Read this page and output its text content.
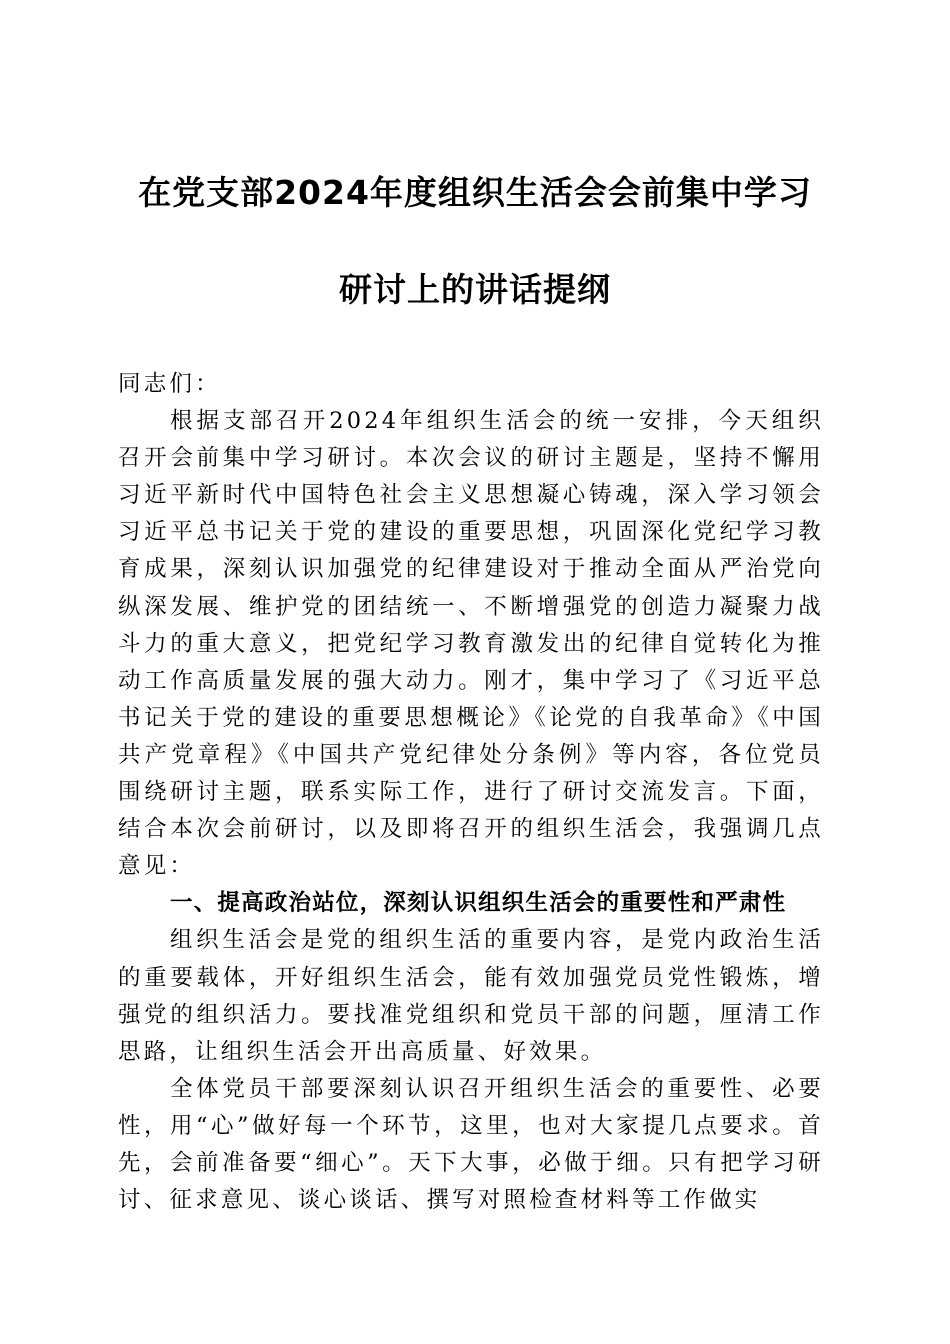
在党支部2024年度组织生活会会前集中学习
研讨上的讲话提纲

同志们：

根据支部召开2024年组织生活会的统一安排，今天组织召开会前集中学习研讨。本次会议的研讨主题是，坚持不懈用习近平新时代中国特色社会主义思想凝心铸魂，深入学习领会习近平总书记关于党的建设的重要思想，巩固深化党纪学习教育成果，深刻认识加强党的纪律建设对于推动全面从严治党向纵深发展、维护党的团结统一、不断增强党的创造力凝聚力战斗力的重大意义，把党纪学习教育激发出的纪律自觉转化为推动工作高质量发展的强大动力。刚才，集中学习了《习近平总书记关于党的建设的重要思想概论》《论党的自我革命》《中国共产党章程》《中国共产党纪律处分条例》等内容，各位党员围绕研讨主题，联系实际工作，进行了研讨交流发言。下面，结合本次会前研讨，以及即将召开的组织生活会，我强调几点意见：

一、提高政治站位，深刻认识组织生活会的重要性和严肃性

组织生活会是党的组织生活的重要内容，是党内政治生活的重要载体，开好组织生活会，能有效加强党员党性锻炼，增强党的组织活力。要找准党组织和党员干部的问题，厘清工作思路，让组织生活会开出高质量、好效果。

全体党员干部要深刻认识召开组织生活会的重要性、必要性，用“心”做好每一个环节，这里，也对大家提几点要求。首先，会前准备要“细心”。天下大事，必做于细。只有把学习研讨、征求意见、谈心谈话、撰写对照检查材料等工作做实
